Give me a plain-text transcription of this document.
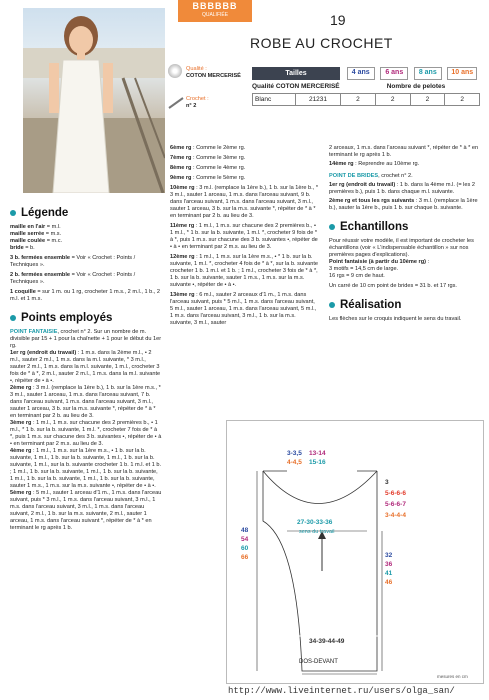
BBBBBB
QUALIFIÉE	19
ROBE AU CROCHET
Qualité :
COTON MERCERISÉ
Crochet :
n° 2
Tailles	4 ans	6 ans	8 ans	10 ans
Qualité COTON MERCERISÉ	Nombre de pelotes
Blanc	21231	2	2	2	2
Légende

maille en l'air = m.l.

maille serrée = m.s.

maille coulée = m.c.

bride = b.

3 b. fermées ensemble = Voir « Crochet : Points / Techniques ».

2 b. fermées ensemble = Voir « Crochet : Points / Techniques ».

1 coquille = sur 1 m. ou 1 rg, crocheter 1 m.s., 2 m.l., 1 b., 2 m.l. et 1 m.s.

Points employés

POINT FANTAISIE, crochet n° 2. Sur un nombre de m. divisible par 15 + 1 pour la chaînette + 1 pour le début du 1er rg.

1er rg (endroit du travail) : 1 m.s. dans la 2ème m.l., • 2 m.l., sauter 2 m.l., 1 m.s. dans la m.l. suivante, * 3 m.l., sauter 2 m.l., 1 m.s. dans la m.l. suivante, 1 m.l., crocheter 3 fois de * à *, 2 m.l., sauter 2 m.l., 1 m.s. dans la m.l. suivante •, répéter de • à •.

2ème rg : 3 m.l. (remplace la 1ère b.), 1 b. sur la 1ère m.s., * 3 m.l., sauter 1 arceau, 1 m.s. dans l'arceau suivant, 7 b. dans l'arceau suivant, 1 m.s. dans l'arceau suivant, 3 m.l., sauter 1 arceau, 3 b. sur la m.s. suivante *, répéter de * à * en terminant par 2 b. au lieu de 3.

3ème rg : 1 m.l., 1 m.s. sur chacune des 2 premières b., • 1 m.l., * 1 b. sur la b. suivante, 1 m.l. *, crocheter 7 fois de * à *, puis 1 m.s. sur chacune des 3 b. suivantes •, répéter de • à • en terminant par 2 m.s. au lieu de 3.

4ème rg : 1 m.l., 1 m.s. sur la 1ère m.s., • 1 b. sur la b. suivante, 1 m.l., 1 b. sur la b. suivante, 1 m.l., 1 b. sur la b. suivante, 1 m.l., sur la b. suivante crocheter 1 b. 1 m.l. et 1 b. ; 1 m.l., 1 b. sur la b. suivante, 1 m.l., 1 b. sur la b. suivante, 1 m.l., 1 b. sur la b. suivante, 1 m.l., 1 b. sur la b. suivante, sauter 1 m.s., 1 m.s. sur la m.s. suivante •, répéter de • à •.

5ème rg : 5 m.l., sauter 1 arceau d'1 m., 1 m.s. dans l'arceau suivant, puis * 3 m.l., 1 m.s. dans l'arceau suivant, 3 m.l., 1 m.s. dans l'arceau suivant, 3 m.l., 1 m.s. dans l'arceau suivant, 2 m.l., 1 b. sur la m.s. suivante, 2 m.l., sauter 1 arceau, 1 m.s. dans l'arceau suivant *, répéter de * à * en terminant le rg après 1 b.

6ème rg : Comme le 2ème rg.

7ème rg : Comme le 3ème rg.

8ème rg : Comme le 4ème rg.

9ème rg : Comme le 5ème rg.

10ème rg : 3 m.l. (remplace la 1ère b.), 1 b. sur la 1ère b., * 3 m.l., sauter 1 arceau, 1 m.s. dans l'arceau suivant, 9 b. dans l'arceau suivant, 1 m.s. dans l'arceau suivant, 3 m.l., sauter 1 arceau, 3 b. sur la m.s. suivante *, répéter de * à * en terminant par 2 b. au lieu de 3.

11ème rg : 1 m.l., 1 m.s. sur chacune des 2 premières b., • 1 m.l., * 1 b. sur la b. suivante, 1 m.l. *, crocheter 9 fois de * à *, puis 1 m.s. sur chacune des 3 b. suivantes •, répéter de • à • en terminant par 2 m.s. au lieu de 3.

12ème rg : 1 m.l., 1 m.s. sur la 1ère m.s., • * 1 b. sur la b. suivante, 1 m.l. *, crocheter 4 fois de * à *, sur la b. suivante crocheter 1 b. 1 m.l. et 1 b. ; 1 m.l., crocheter 3 fois de * à *, 1 b. sur la b. suivante, sauter 1 m.s., 1 m.s. sur la m.s. suivante •, répéter de • à •.

13ème rg : 6 m.l., sauter 2 arceaux d'1 m., 1 m.s. dans l'arceau suivant, puis * 5 m.l., 1 m.s. dans l'arceau suivant, 5 m.l., sauter 1 arceau, 1 m.s. dans l'arceau suivant, 5 m.l., 1 m.s. dans l'arceau suivant, 3 m.l., 1 b. sur la m.s. suivante, 3 m.l., sauter

2 arceaux, 1 m.s. dans l'arceau suivant *, répéter de * à * en terminant le rg après 1 b.

14ème rg : Reprendre au 10ème rg.

POINT DE BRIDES, crochet n° 2.

1er rg (endroit du travail) : 1 b. dans la 4ème m.l. (= les 2 premières b.), puis 1 b. dans chaque m.l. suivante.

2ème rg et tous les rgs suivants : 3 m.l. (remplace la 1ère b.), sauter la 1ère b., puis 1 b. sur chaque b. suivante.

Echantillons

Pour réussir votre modèle, il est important de crocheter les échantillons (voir « L'indispensable échantillon » sur nos premières pages d'explications).

Point fantaisie (à partir du 10ème rg) :

3 motifs = 14,5 cm de large.

16 rgs = 9 cm de haut.

Un carré de 10 cm point de brides = 31 b. et 17 rgs.

Réalisation

Les flèches sur le croquis indiquent le sens du travail.

3-3,5
4-4,5
13-14
15-16
3
5-6-6-6
5-6-6-7
3-4-4-4
27-30-33-36
sens du travail
48
54
60
66	32
36
41
46
34-39-44-49
DOS-DEVANT
mesures en cm
http://www.liveinternet.ru/users/olga_san/
